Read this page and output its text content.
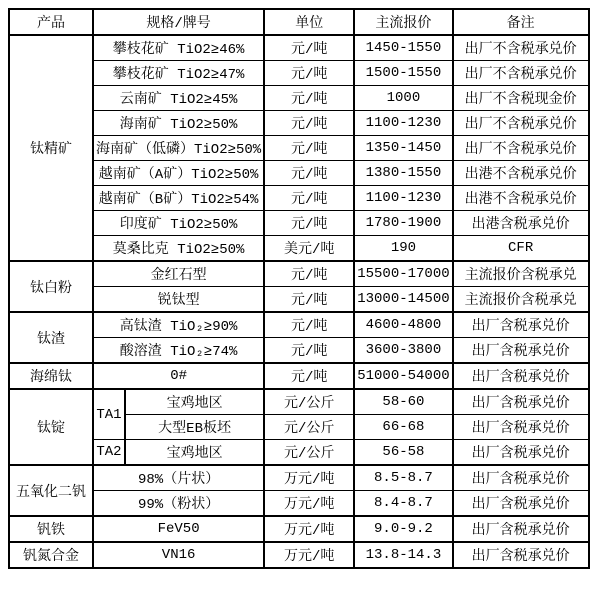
产品	规格/牌号		单位	主流报价	备注
钛精矿	攀枝花矿 TiO2≥46%		元/吨	1450-1550	出厂不含税承兑价
	攀枝花矿 TiO2≥47%		元/吨	1500-1550	出厂不含税承兑价
	云南矿 TiO2≥45%		元/吨	1000	出厂不含税现金价
	海南矿 TiO2≥50%		元/吨	1100-1230	出厂不含税承兑价
	海南矿（低磷）TiO2≥50%		元/吨	1350-1450	出厂不含税承兑价
	越南矿（A矿）TiO2≥50%		元/吨	1380-1550	出港不含税承兑价
	越南矿（B矿）TiO2≥54%		元/吨	1100-1230	出港不含税承兑价
	印度矿 TiO2≥50%		元/吨	1780-1900	出港含税承兑价
	莫桑比克 TiO2≥50%		美元/吨	190	CFR
钛白粉	金红石型		元/吨	15500-17000	主流报价含税承兑
	锐钛型		元/吨	13000-14500	主流报价含税承兑
钛渣	高钛渣 TiO₂≥90%		元/吨	4600-4800	出厂含税承兑价
	酸溶渣 TiO₂≥74%		元/吨	3600-3800	出厂含税承兑价
海绵钛	0#		元/吨	51000-54000	出厂含税承兑价
钛锭	TA1	宝鸡地区	元/公斤	58-60	出厂含税承兑价
		大型EB板坯	元/公斤	66-68	出厂含税承兑价
	TA2	宝鸡地区	元/公斤	56-58	出厂含税承兑价
五氧化二钒	98%（片状）		万元/吨	8.5-8.7	出厂含税承兑价
	99%（粉状）		万元/吨	8.4-8.7	出厂含税承兑价
钒铁	FeV50		万元/吨	9.0-9.2	出厂含税承兑价
钒氮合金	VN16		万元/吨	13.8-14.3	出厂含税承兑价
